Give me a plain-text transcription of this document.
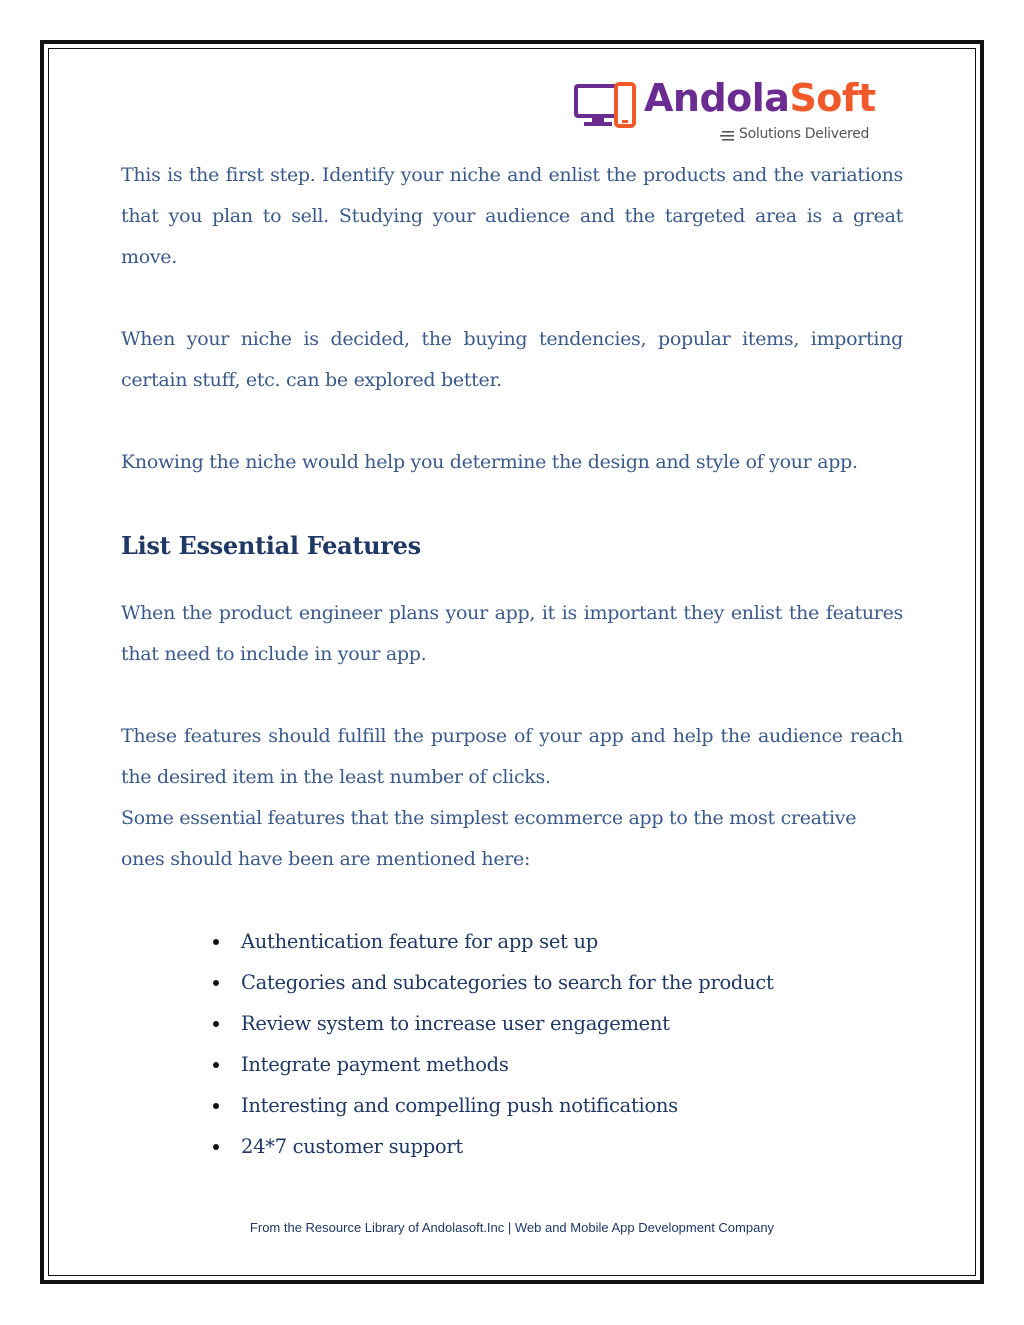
AndolaSoft
Solutions Delivered

This is the first step. Identify your niche and enlist the products and the variations that you plan to sell. Studying your audience and the targeted area is a great move.

When your niche is decided, the buying tendencies, popular items, importing certain stuff, etc. can be explored better.

Knowing the niche would help you determine the design and style of your app.

List Essential Features

When the product engineer plans your app, it is important they enlist the features that need to include in your app.

These features should fulfill the purpose of your app and help the audience reach the desired item in the least number of clicks.

Some essential features that the simplest ecommerce app to the most creative ones should have been are mentioned here:

Authentication feature for app set up
Categories and subcategories to search for the product
Review system to increase user engagement
Integrate payment methods
Interesting and compelling push notifications
24*7 customer support
From the Resource Library of Andolasoft.Inc | Web and Mobile App Development Company
